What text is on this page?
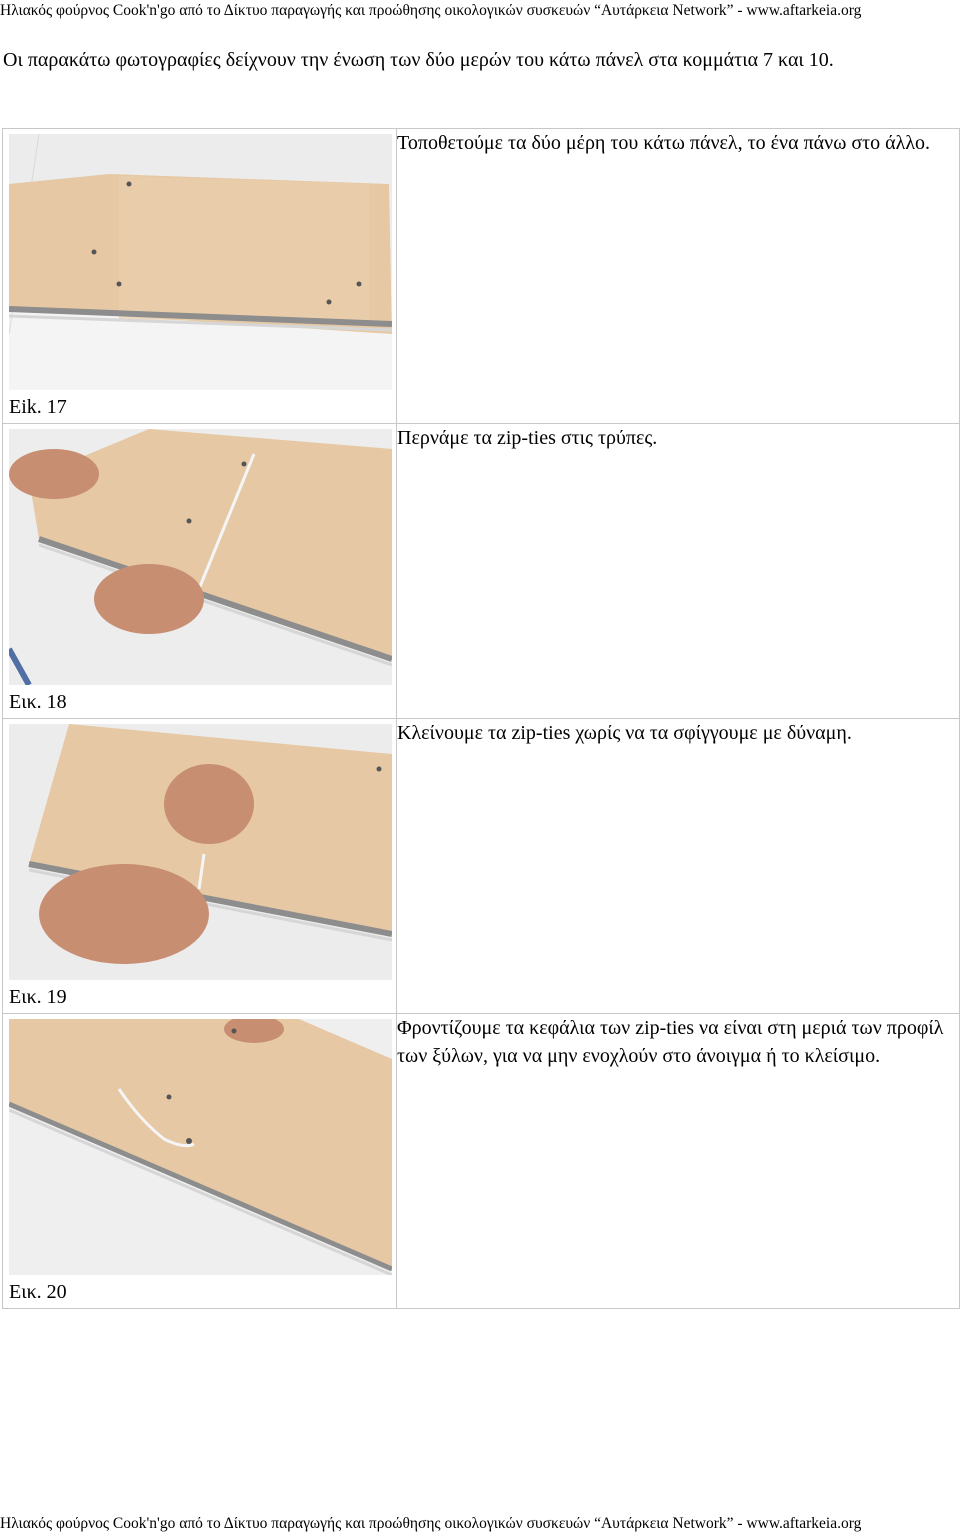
Ηλιακός φούρνος Cook'n'go από το Δίκτυο παραγωγής και προώθησης οικολογικών συσκευών “Αυτάρκεια Network” - www.aftarkeia.org
Οι παρακάτω φωτογραφίες δείχνουν την ένωση των δύο μερών του κάτω πάνελ στα κομμάτια 7 και 10.
Eik. 17	Τοποθετούμε τα δύο μέρη του κάτω πάνελ, το ένα πάνω στο άλλο.

Εικ. 18	Περνάμε τα zip-ties στις τρύπες.

Εικ. 19	Κλείνουμε τα zip-ties χωρίς να τα σφίγγουμε με δύναμη.

Εικ. 20	Φροντίζουμε τα κεφάλια των zip-ties να είναι στη μεριά των προφίλ των ξύλων, για να μην ενοχλούν στο άνοιγμα ή το κλείσιμο.
Ηλιακός φούρνος Cook'n'go από το Δίκτυο παραγωγής και προώθησης οικολογικών συσκευών “Αυτάρκεια Network” - www.aftarkeia.org
